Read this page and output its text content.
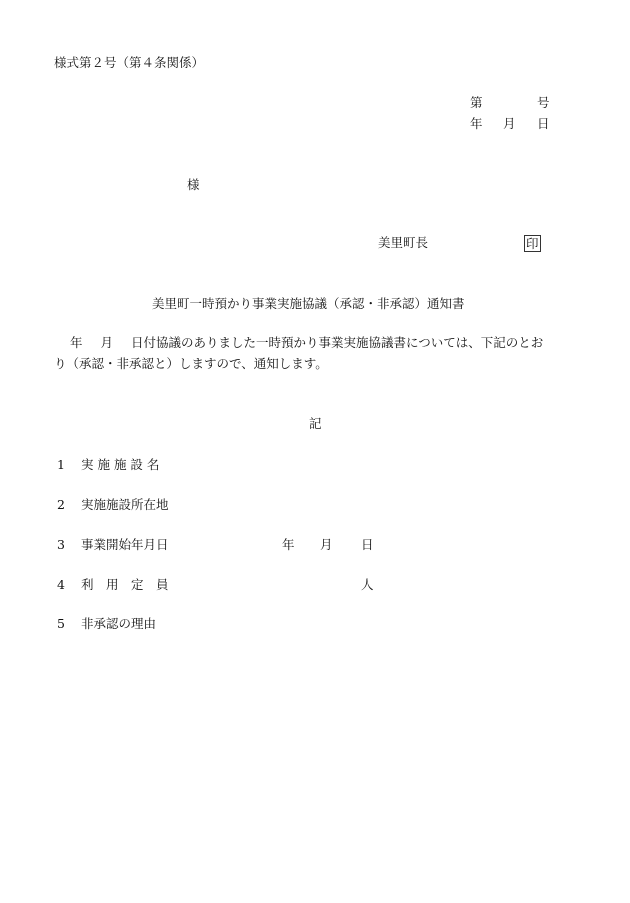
様式第２号（第４条関係）
第	号
年 月 日
様
美里町長	印
美里町一時預かり事業実施協議（承認・非承認）通知書
年 月 日付協議のありました一時預かり事業実施協議書については、下記のとお
り（承認・非承認と）しますので、通知します。
記
1 実 施 施 設 名
2 実施施設所在地
3 事業開始年月日	年 月 日
4 利　用　定　員	人
5 非承認の理由
